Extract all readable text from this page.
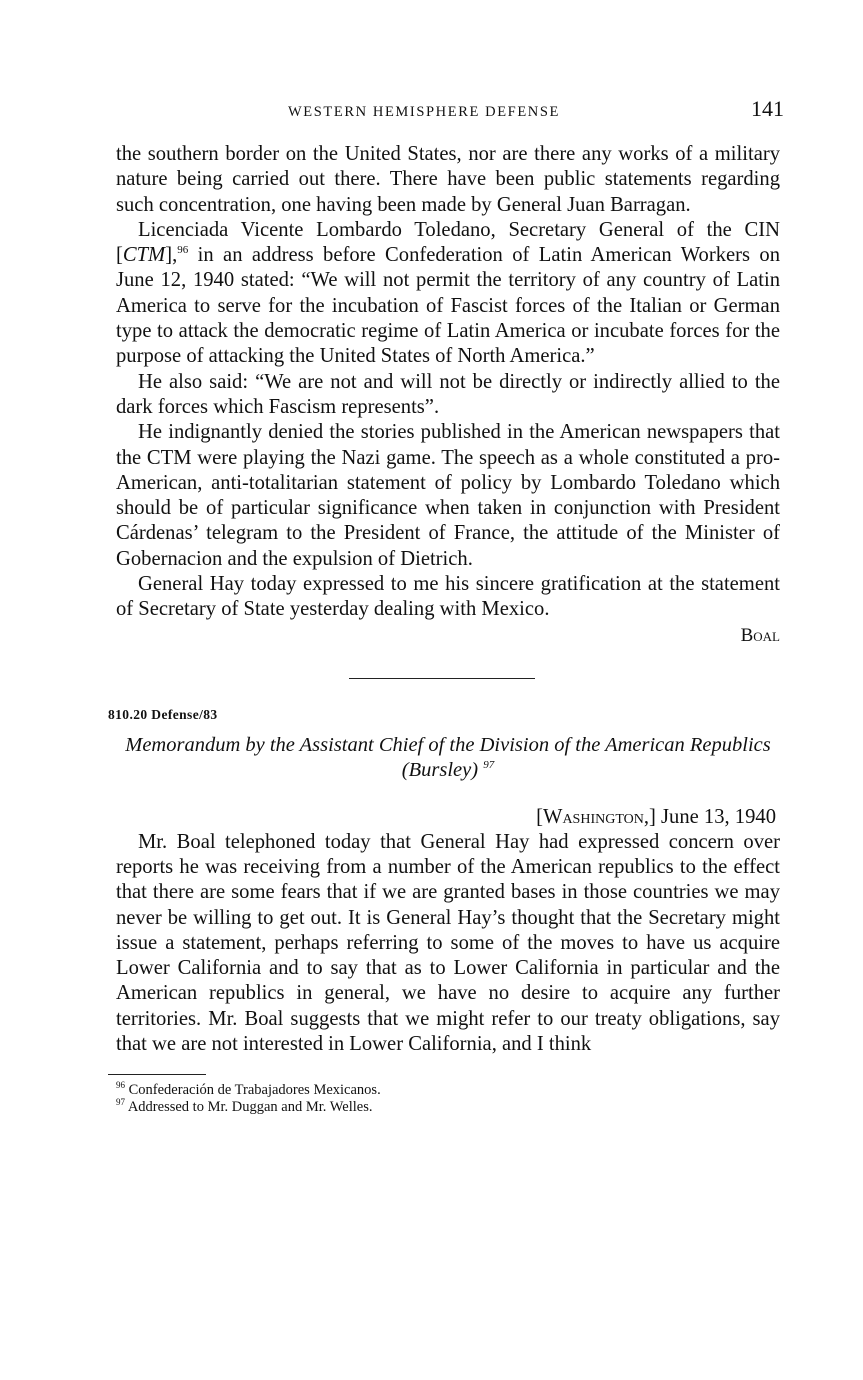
WESTERN HEMISPHERE DEFENSE	141

the southern border on the United States, nor are there any works of a military nature being carried out there. There have been public statements regarding such concentration, one having been made by General Juan Barragan.

Licenciada Vicente Lombardo Toledano, Secretary General of the CIN [CTM],$^{96}$ in an address before Confederation of Latin American Workers on June 12, 1940 stated: “We will not permit the territory of any country of Latin America to serve for the incubation of Fascist forces of the Italian or German type to attack the democratic regime of Latin America or incubate forces for the purpose of attacking the United States of North America.”

He also said: “We are not and will not be directly or indirectly allied to the dark forces which Fascism represents”.

He indignantly denied the stories published in the American newspapers that the CTM were playing the Nazi game. The speech as a whole constituted a pro-American, anti-totalitarian statement of policy by Lombardo Toledano which should be of particular significance when taken in conjunction with President Cárdenas’ telegram to the President of France, the attitude of the Minister of Gobernacion and the expulsion of Dietrich.

General Hay today expressed to me his sincere gratification at the statement of Secretary of State yesterday dealing with Mexico.

Boal

810.20 Defense/83
Memorandum by the Assistant Chief of the Division of the American Republics (Bursley) $^{97}$
[Washington,] June 13, 1940

Mr. Boal telephoned today that General Hay had expressed concern over reports he was receiving from a number of the American republics to the effect that there are some fears that if we are granted bases in those countries we may never be willing to get out. It is General Hay’s thought that the Secretary might issue a statement, perhaps referring to some of the moves to have us acquire Lower California and to say that as to Lower California in particular and the American republics in general, we have no desire to acquire any further territories. Mr. Boal suggests that we might refer to our treaty obligations, say that we are not interested in Lower California, and I think

$^{96}$ Confederación de Trabajadores Mexicanos.
$^{97}$ Addressed to Mr. Duggan and Mr. Welles.
